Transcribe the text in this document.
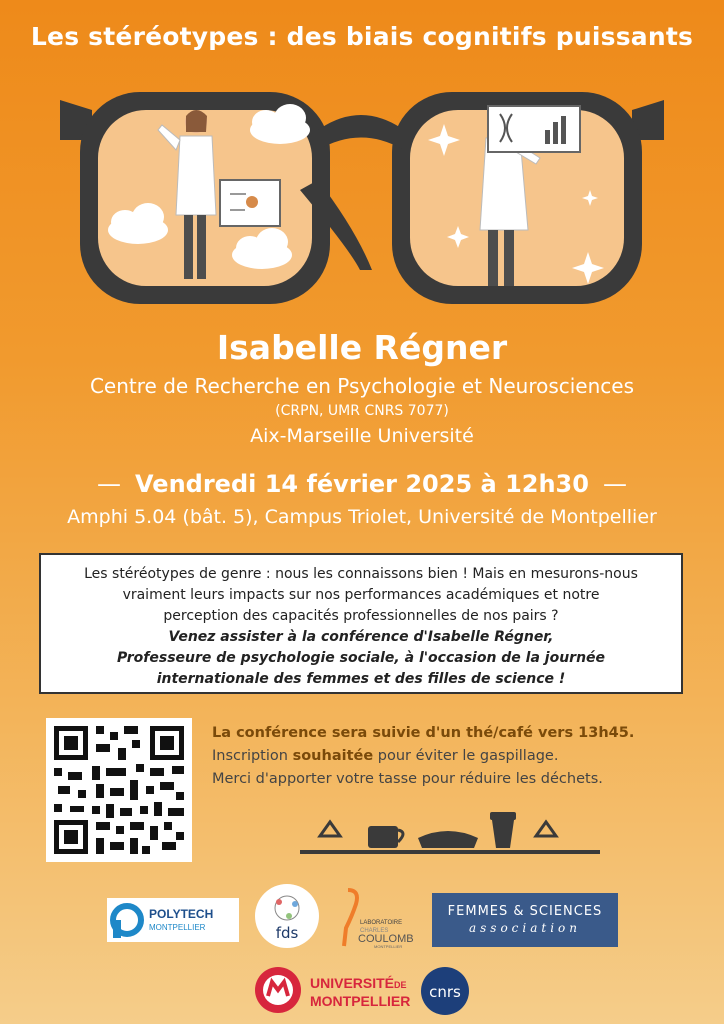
Les stéréotypes : des biais cognitifs puissants
Isabelle Régner
Centre de Recherche en Psychologie et Neurosciences
(CRPN, UMR CNRS 7077)
Aix-Marseille Université
— Vendredi 14 février 2025 à 12h30 —
Amphi 5.04 (bât. 5), Campus Triolet, Université de Montpellier
Les stéréotypes de genre : nous les connaissons bien ! Mais en mesurons-nous
vraiment leurs impacts sur nos performances académiques et notre
perception des capacités professionnelles de nos pairs ?
Venez assister à la conférence d'Isabelle Régner,
Professeure de psychologie sociale, à l'occasion de la journée
internationale des femmes et des filles de science !
La conférence sera suivie d'un thé/café vers 13h45.
Inscription souhaitée pour éviter le gaspillage.
Merci d'apporter votre tasse pour réduire les déchets.
POLYTECH
MONTPELLIER	fds
LABORATOIRE
CHARLES
COULOMB
MONTPELLIER
FEMMES & SCIENCES
association
UNIVERSITÉ DE
MONTPELLIER cnrs
